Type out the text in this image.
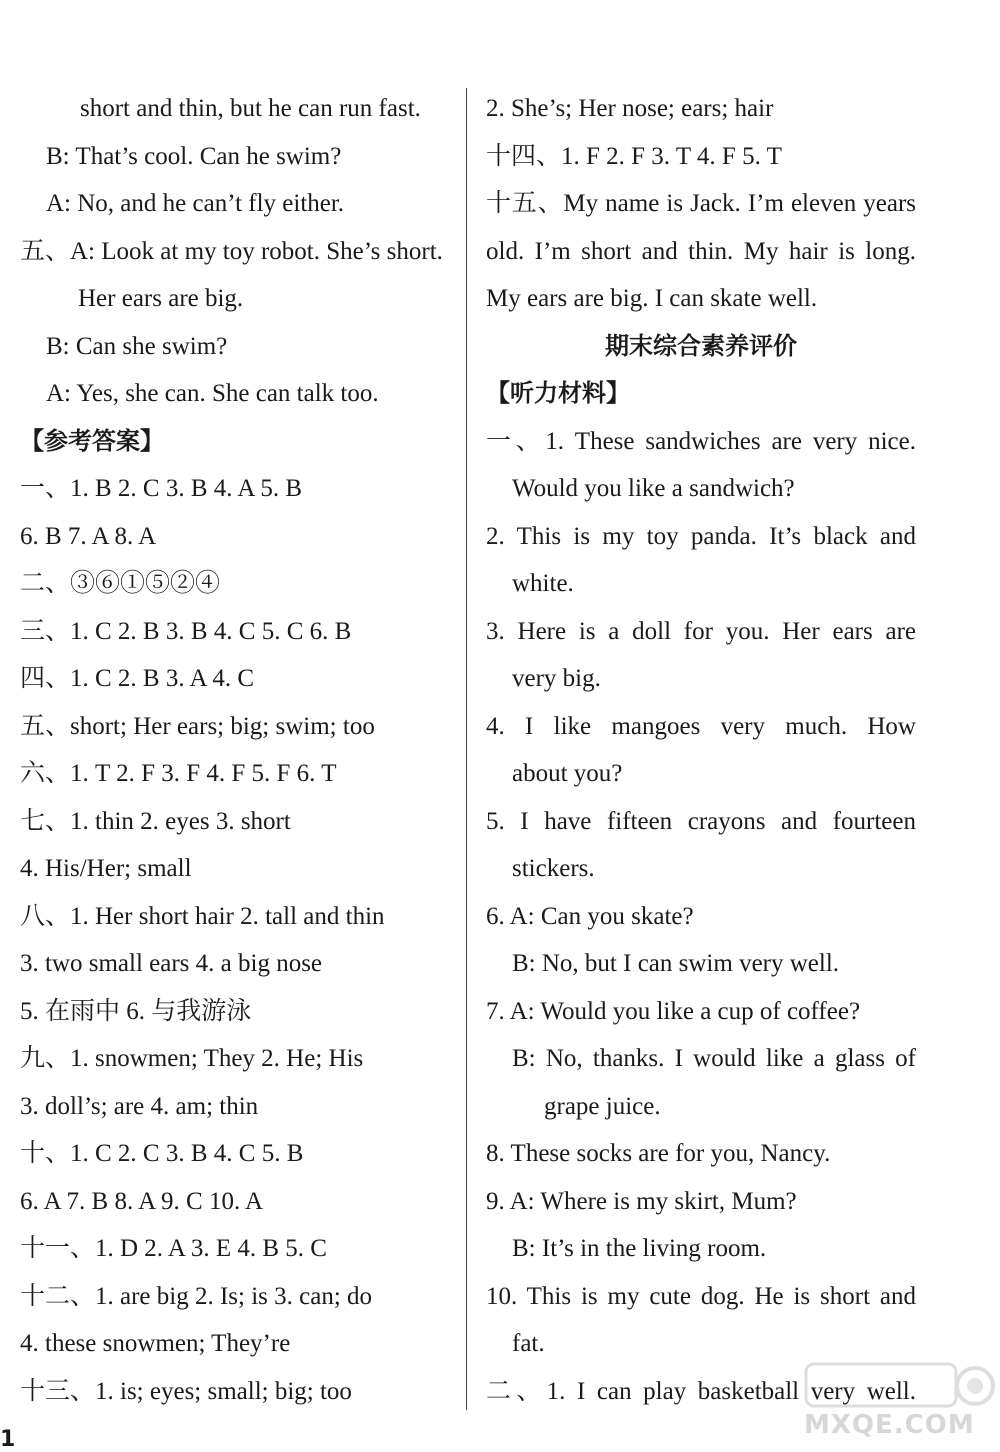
short and thin, but he can run fast.
B: That’s cool. Can he swim?
A: No, and he can’t fly either.
五、A: Look at my toy robot. She’s short.
Her ears are big.
B: Can she swim?
A: Yes, she can. She can talk too.
【参考答案】
一、1. B 2. C 3. B 4. A 5. B
6. B 7. A 8. A
二、③⑥①⑤②④
三、1. C 2. B 3. B 4. C 5. C 6. B
四、1. C 2. B 3. A 4. C
五、short; Her ears; big; swim; too
六、1. T 2. F 3. F 4. F 5. F 6. T
七、1. thin 2. eyes 3. short
4. His/Her; small
八、1. Her short hair 2. tall and thin
3. two small ears 4. a big nose
5. 在雨中 6. 与我游泳
九、1. snowmen; They 2. He; His
3. doll’s; are 4. am; thin
十、1. C 2. C 3. B 4. C 5. B
6. A 7. B 8. A 9. C 10. A
十一、1. D 2. A 3. E 4. B 5. C
十二、1. are big 2. Is; is 3. can; do
4. these snowmen; They’re
十三、1. is; eyes; small; big; too
2. She’s; Her nose; ears; hair
十四、1. F 2. F 3. T 4. F 5. T
十五、My name is Jack. I’m eleven years
old. I’m short and thin. My hair is long.
My ears are big. I can skate well.
期末综合素养评价
【听力材料】
一、1. These sandwiches are very nice.
Would you like a sandwich?
2. This is my toy panda. It’s black and
white.
3. Here is a doll for you. Her ears are
very big.
4. I like mangoes very much. How
about you?
5. I have fifteen crayons and fourteen
stickers.
6. A: Can you skate?
B: No, but I can swim very well.
7. A: Would you like a cup of coffee?
B: No, thanks. I would like a glass of
grape juice.
8. These socks are for you, Nancy.
9. A: Where is my skirt, Mum?
B: It’s in the living room.
10. This is my cute dog. He is short and
fat.
二、1. I can play basketball very well.
1	MXQE.COM
